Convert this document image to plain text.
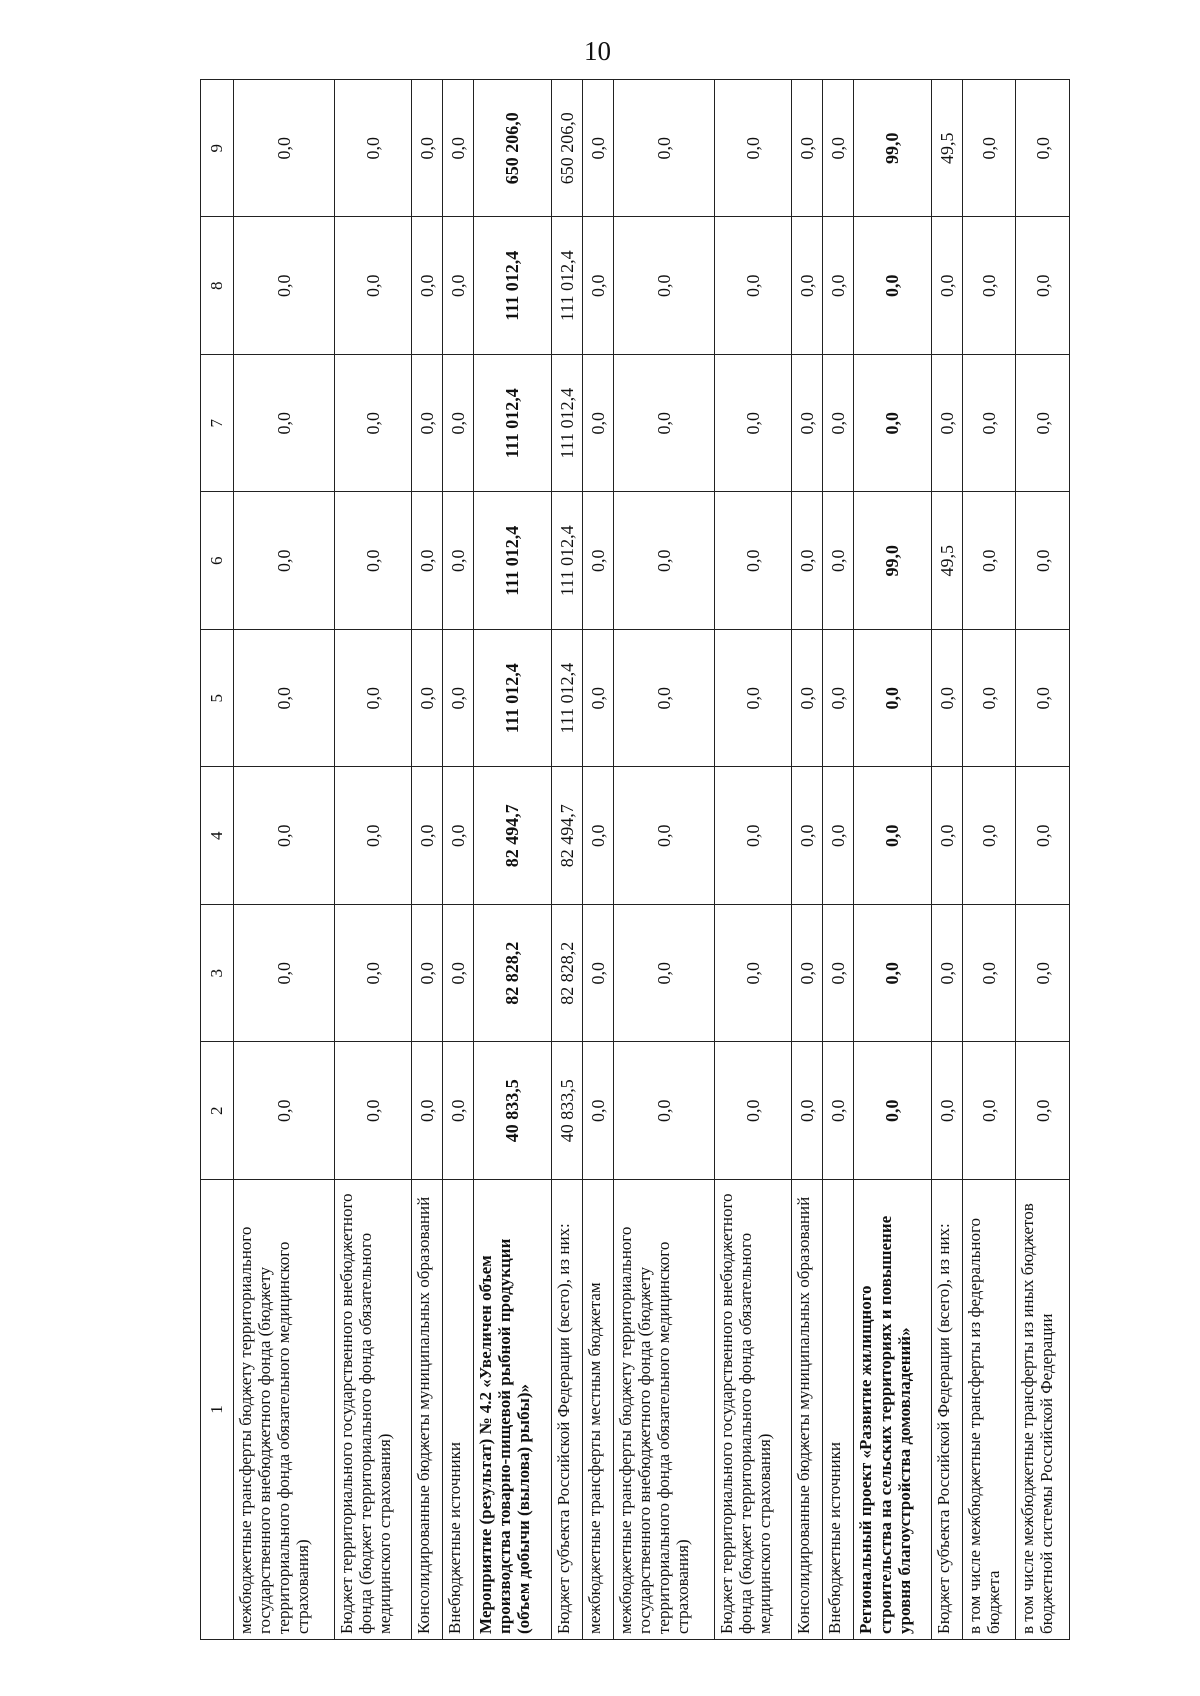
10
1	2	3	4	5	6	7	8	9
межбюджетные трансферты бюджету территориального государственного внебюджетного фонда (бюджету территориального фонда обязательного медицинского страхования)	0,0	0,0	0,0	0,0	0,0	0,0	0,0	0,0
Бюджет территориального государственного внебюджетного фонда (бюджет территориального фонда обязательного медицинского страхования)	0,0	0,0	0,0	0,0	0,0	0,0	0,0	0,0
Консолидированные бюджеты муниципальных образований	0,0	0,0	0,0	0,0	0,0	0,0	0,0	0,0
Внебюджетные источники	0,0	0,0	0,0	0,0	0,0	0,0	0,0	0,0
Мероприятие (результат) № 4.2 «Увеличен объем производства товарно-пищевой рыбной продукции (объем добычи (вылова) рыбы)»	40 833,5	82 828,2	82 494,7	111 012,4	111 012,4	111 012,4	111 012,4	650 206,0
Бюджет субъекта Российской Федерации (всего), из них:	40 833,5	82 828,2	82 494,7	111 012,4	111 012,4	111 012,4	111 012,4	650 206,0
межбюджетные трансферты местным бюджетам	0,0	0,0	0,0	0,0	0,0	0,0	0,0	0,0
межбюджетные трансферты бюджету территориального государственного внебюджетного фонда (бюджету территориального фонда обязательного медицинского страхования)	0,0	0,0	0,0	0,0	0,0	0,0	0,0	0,0
Бюджет территориального государственного внебюджетного фонда (бюджет территориального фонда обязательного медицинского страхования)	0,0	0,0	0,0	0,0	0,0	0,0	0,0	0,0
Консолидированные бюджеты муниципальных образований	0,0	0,0	0,0	0,0	0,0	0,0	0,0	0,0
Внебюджетные источники	0,0	0,0	0,0	0,0	0,0	0,0	0,0	0,0
Региональный проект «Развитие жилищного строительства на сельских территориях и повышение уровня благоустройства домовладений»	0,0	0,0	0,0	0,0	99,0	0,0	0,0	99,0
Бюджет субъекта Российской Федерации (всего), из них:	0,0	0,0	0,0	0,0	49,5	0,0	0,0	49,5
в том числе межбюджетные трансферты из федерального бюджета	0,0	0,0	0,0	0,0	0,0	0,0	0,0	0,0
в том числе межбюджетные трансферты из иных бюджетов бюджетной системы Российской Федерации	0,0	0,0	0,0	0,0	0,0	0,0	0,0	0,0
